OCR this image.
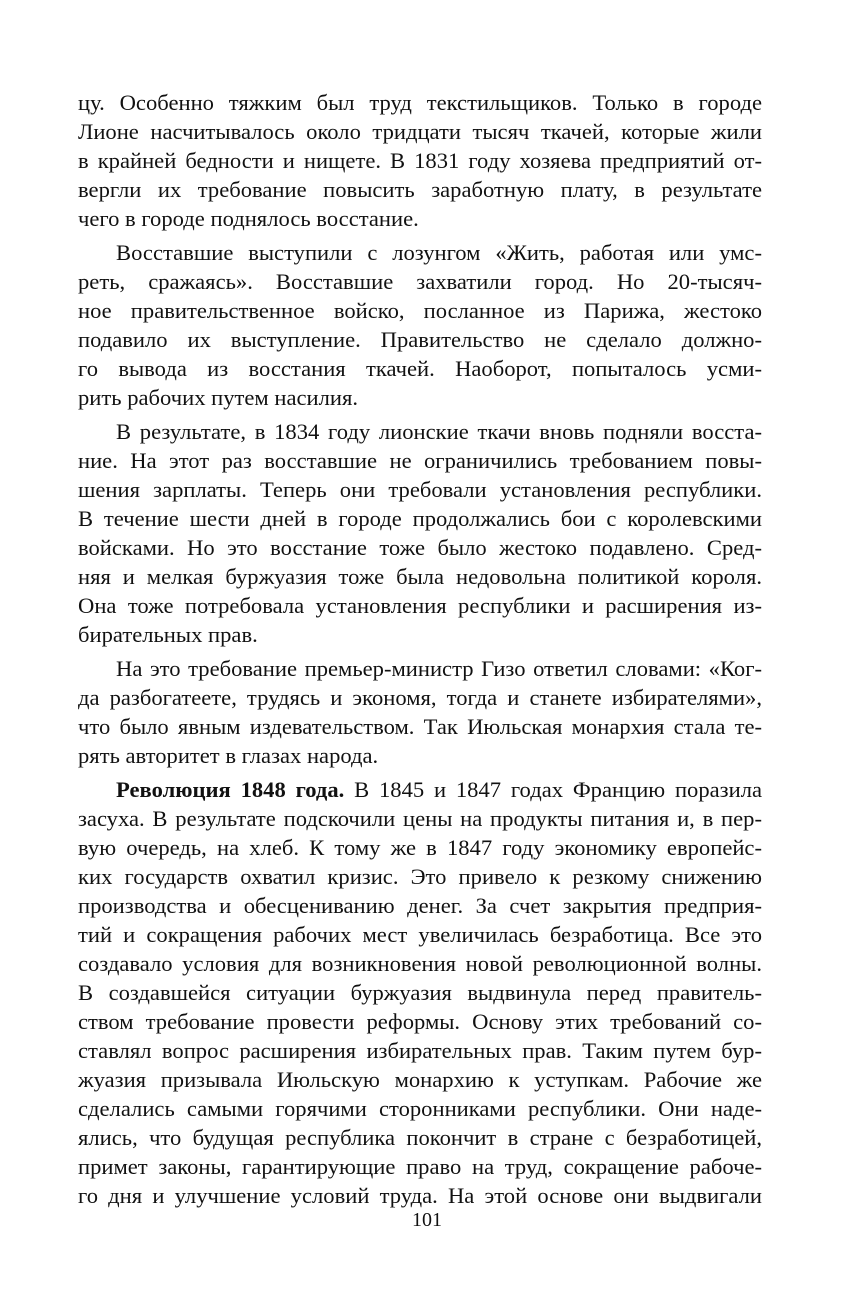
цу. Особенно тяжким был труд текстильщиков. Только в городе
Лионе насчитывалось около тридцати тысяч ткачей, которые жили
в крайней бедности и нищете. В 1831 году хозяева предприятий от-
вергли их требование повысить заработную плату, в результате
чего в городе поднялось восстание.
Восставшие выступили с лозунгом «Жить, работая или умс-
реть, сражаясь». Восставшие захватили город. Но 20-тысяч-
ное правительственное войско, посланное из Парижа, жестоко
подавило их выступление. Правительство не сделало должно-
го вывода из восстания ткачей. Наоборот, попыталось усми-
рить рабочих путем насилия.
В результате, в 1834 году лионские ткачи вновь подняли восста-
ние. На этот раз восставшие не ограничились требованием повы-
шения зарплаты. Теперь они требовали установления республики.
В течение шести дней в городе продолжались бои с королевскими
войсками. Но это восстание тоже было жестоко подавлено. Сред-
няя и мелкая буржуазия тоже была недовольна политикой короля.
Она тоже потребовала установления республики и расширения из-
бирательных прав.
На это требование премьер-министр Гизо ответил словами: «Ког-
да разбогатеете, трудясь и экономя, тогда и станете избирателями»,
что было явным издевательством. Так Июльская монархия стала те-
рять авторитет в глазах народа.
Революция 1848 года. В 1845 и 1847 годах Францию поразила
засуха. В результате подскочили цены на продукты питания и, в пер-
вую очередь, на хлеб. К тому же в 1847 году экономику европейс-
ких государств охватил кризис. Это привело к резкому снижению
производства и обесцениванию денег. За счет закрытия предприя-
тий и сокращения рабочих мест увеличилась безработица. Все это
создавало условия для возникновения новой революционной волны.
В создавшейся ситуации буржуазия выдвинула перед правитель-
ством требование провести реформы. Основу этих требований со-
ставлял вопрос расширения избирательных прав. Таким путем бур-
жуазия призывала Июльскую монархию к уступкам. Рабочие же
сделались самыми горячими сторонниками республики. Они наде-
ялись, что будущая республика покончит в стране с безработицей,
примет законы, гарантирующие право на труд, сокращение рабоче-
го дня и улучшение условий труда. На этой основе они выдвигали
101
